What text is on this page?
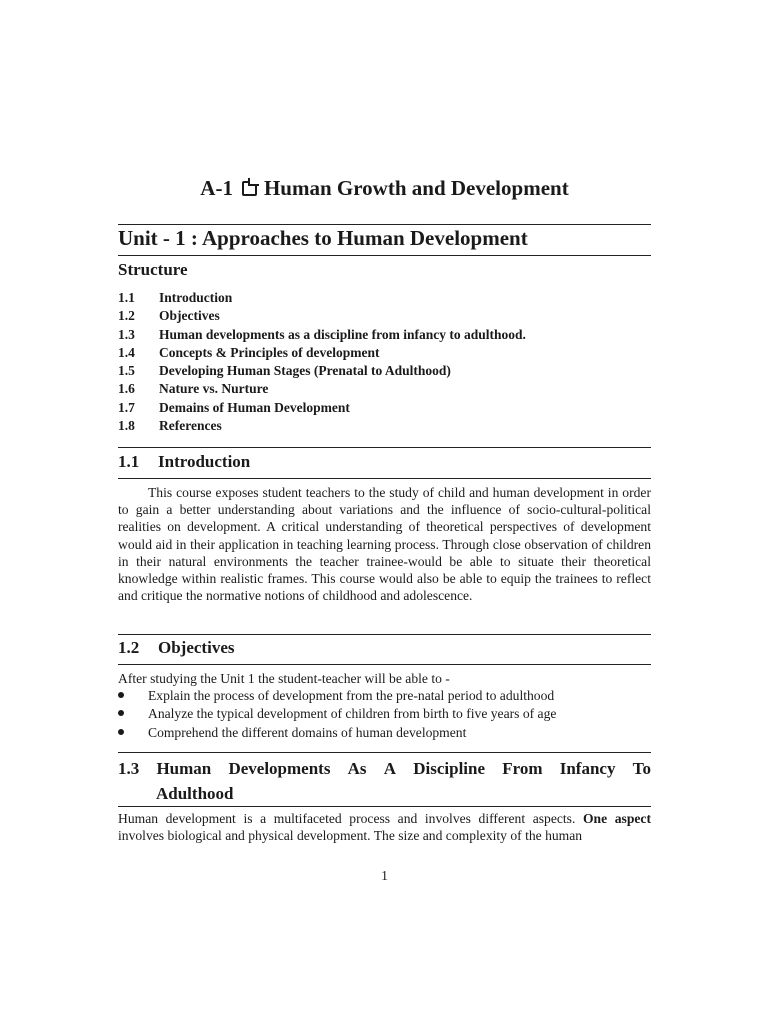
A-1 Human Growth and Development
Unit - 1 : Approaches to Human Development
Structure
1.1 Introduction
1.2 Objectives
1.3 Human developments as a discipline from infancy to adulthood.
1.4 Concepts & Principles of development
1.5 Developing Human Stages (Prenatal to Adulthood)
1.6 Nature vs. Nurture
1.7 Demains of Human Development
1.8 References
1.1 Introduction

This course exposes student teachers to the study of child and human development in order to gain a better understanding about variations and the influence of socio-cultural-political realities on development. A critical understanding of theoretical perspectives of development would aid in their application in teaching learning process. Through close observation of children in their natural environments the teacher trainee-would be able to situate their theoretical knowledge within realistic frames. This course would also be able to equip the trainees to reflect and critique the normative notions of childhood and adolescence.

1.2 Objectives

After studying the Unit 1 the student-teacher will be able to -

Explain the process of development from the pre-natal period to adulthood
Analyze the typical development of children from birth to five years of age
Comprehend the different domains of human development
1.3 Human Developments As A Discipline From Infancy To
Adulthood

Human development is a multifaceted process and involves different aspects. One aspect involves biological and physical development. The size and complexity of the human

1
